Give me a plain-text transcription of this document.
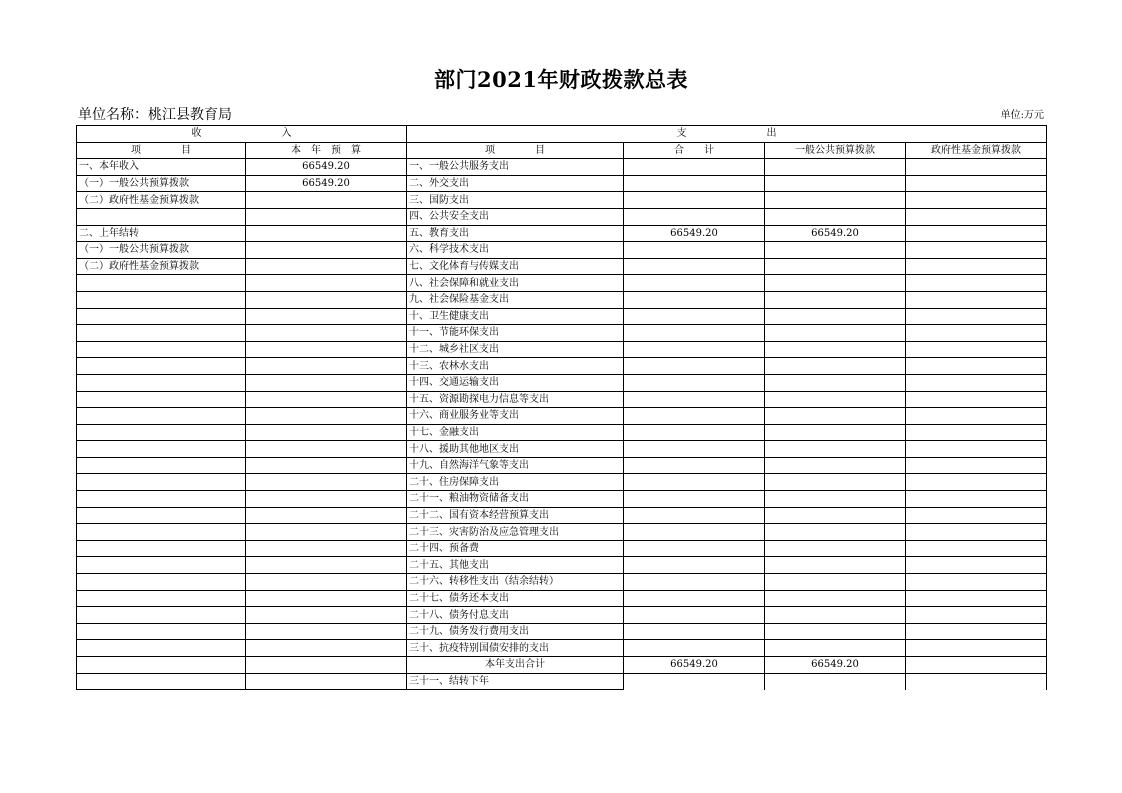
部门2021年财政拨款总表
单位名称：桃江县教育局	单位:万元
收　　　　　　　　入		支　　　　　　　　出			
项　　　　目	本　年　预　算	项　　　　目	合　　计	一般公共预算拨款	政府性基金预算拨款
一、本年收入	66549.20	一、一般公共服务支出			
（一）一般公共预算拨款	66549.20	二、外交支出			
（二）政府性基金预算拨款		三、国防支出			
		四、公共安全支出			
二、上年结转		五、教育支出	66549.20	66549.20	
（一）一般公共预算拨款		六、科学技术支出			
（二）政府性基金预算拨款		七、文化体育与传媒支出			
		八、社会保障和就业支出			
		九、社会保险基金支出			
		十、卫生健康支出			
		十一、节能环保支出			
		十二、城乡社区支出			
		十三、农林水支出			
		十四、交通运输支出			
		十五、资源勘探电力信息等支出			
		十六、商业服务业等支出			
		十七、金融支出			
		十八、援助其他地区支出			
		十九、自然海洋气象等支出			
		二十、住房保障支出			
		二十一、粮油物资储备支出			
		二十二、国有资本经营预算支出			
		二十三、灾害防治及应急管理支出			
		二十四、预备费			
		二十五、其他支出			
		二十六、转移性支出（结余结转）			
		二十七、债务还本支出			
		二十八、债务付息支出			
		二十九、债务发行费用支出			
		三十、抗疫特别国债安排的支出			
		本年支出合计	66549.20	66549.20	
		三十一、结转下年			
